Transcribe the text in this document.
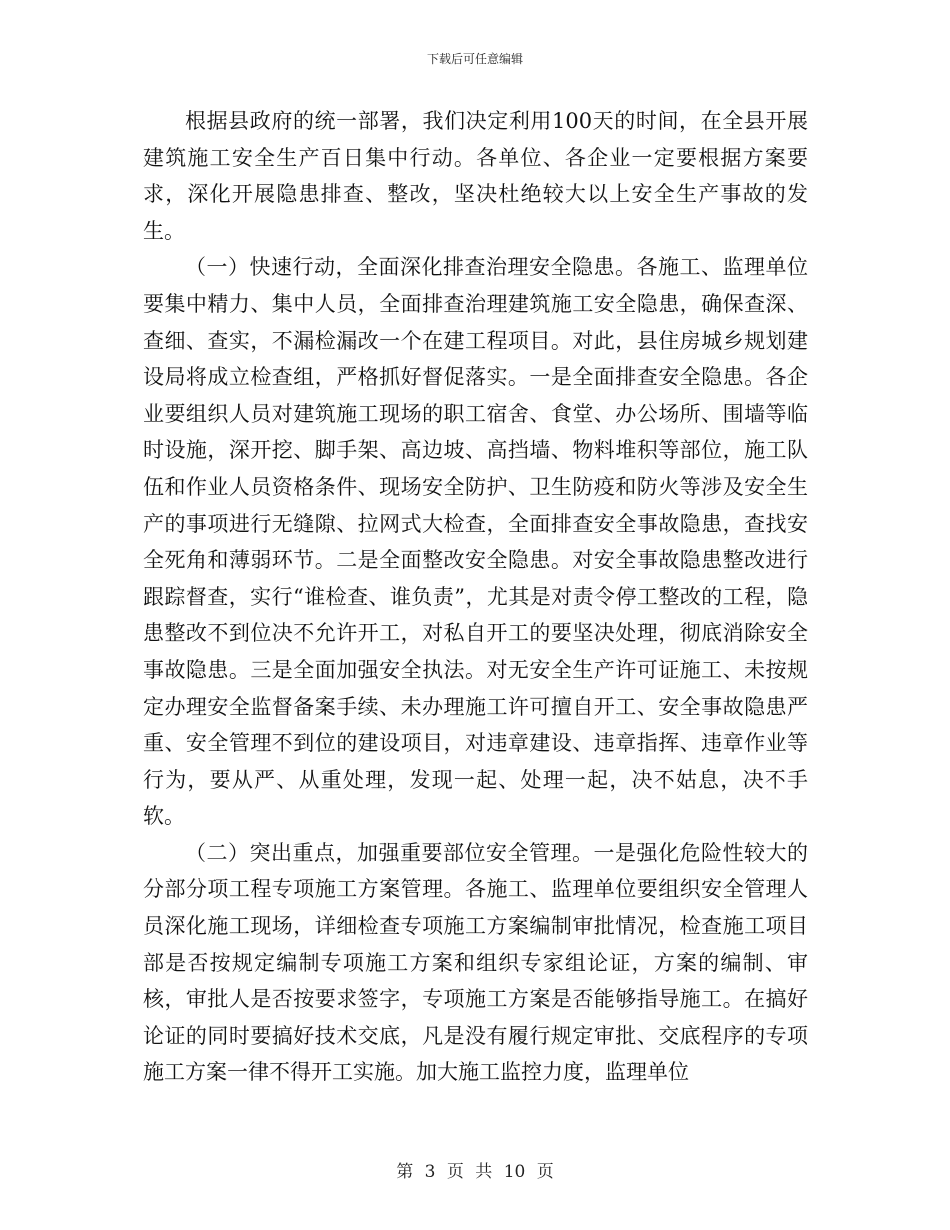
下载后可任意编辑

根据县政府的统一部署，我们决定利用100天的时间，在全县开展建筑施工安全生产百日集中行动。各单位、各企业一定要根据方案要求，深化开展隐患排查、整改，坚决杜绝较大以上安全生产事故的发生。

（一）快速行动，全面深化排查治理安全隐患。各施工、监理单位要集中精力、集中人员，全面排查治理建筑施工安全隐患，确保查深、查细、查实，不漏检漏改一个在建工程项目。对此，县住房城乡规划建设局将成立检查组，严格抓好督促落实。一是全面排查安全隐患。各企业要组织人员对建筑施工现场的职工宿舍、食堂、办公场所、围墙等临时设施，深开挖、脚手架、高边坡、高挡墙、物料堆积等部位，施工队伍和作业人员资格条件、现场安全防护、卫生防疫和防火等涉及安全生产的事项进行无缝隙、拉网式大检查，全面排查安全事故隐患，查找安全死角和薄弱环节。二是全面整改安全隐患。对安全事故隐患整改进行跟踪督查，实行“谁检查、谁负责”，尤其是对责令停工整改的工程，隐患整改不到位决不允许开工，对私自开工的要坚决处理，彻底消除安全事故隐患。三是全面加强安全执法。对无安全生产许可证施工、未按规定办理安全监督备案手续、未办理施工许可擅自开工、安全事故隐患严重、安全管理不到位的建设项目，对违章建设、违章指挥、违章作业等行为，要从严、从重处理，发现一起、处理一起，决不姑息，决不手软。

（二）突出重点，加强重要部位安全管理。一是强化危险性较大的分部分项工程专项施工方案管理。各施工、监理单位要组织安全管理人员深化施工现场，详细检查专项施工方案编制审批情况，检查施工项目部是否按规定编制专项施工方案和组织专家组论证，方案的编制、审核，审批人是否按要求签字，专项施工方案是否能够指导施工。在搞好论证的同时要搞好技术交底，凡是没有履行规定审批、交底程序的专项施工方案一律不得开工实施。加大施工监控力度，监理单位

第 3 页 共 10 页
